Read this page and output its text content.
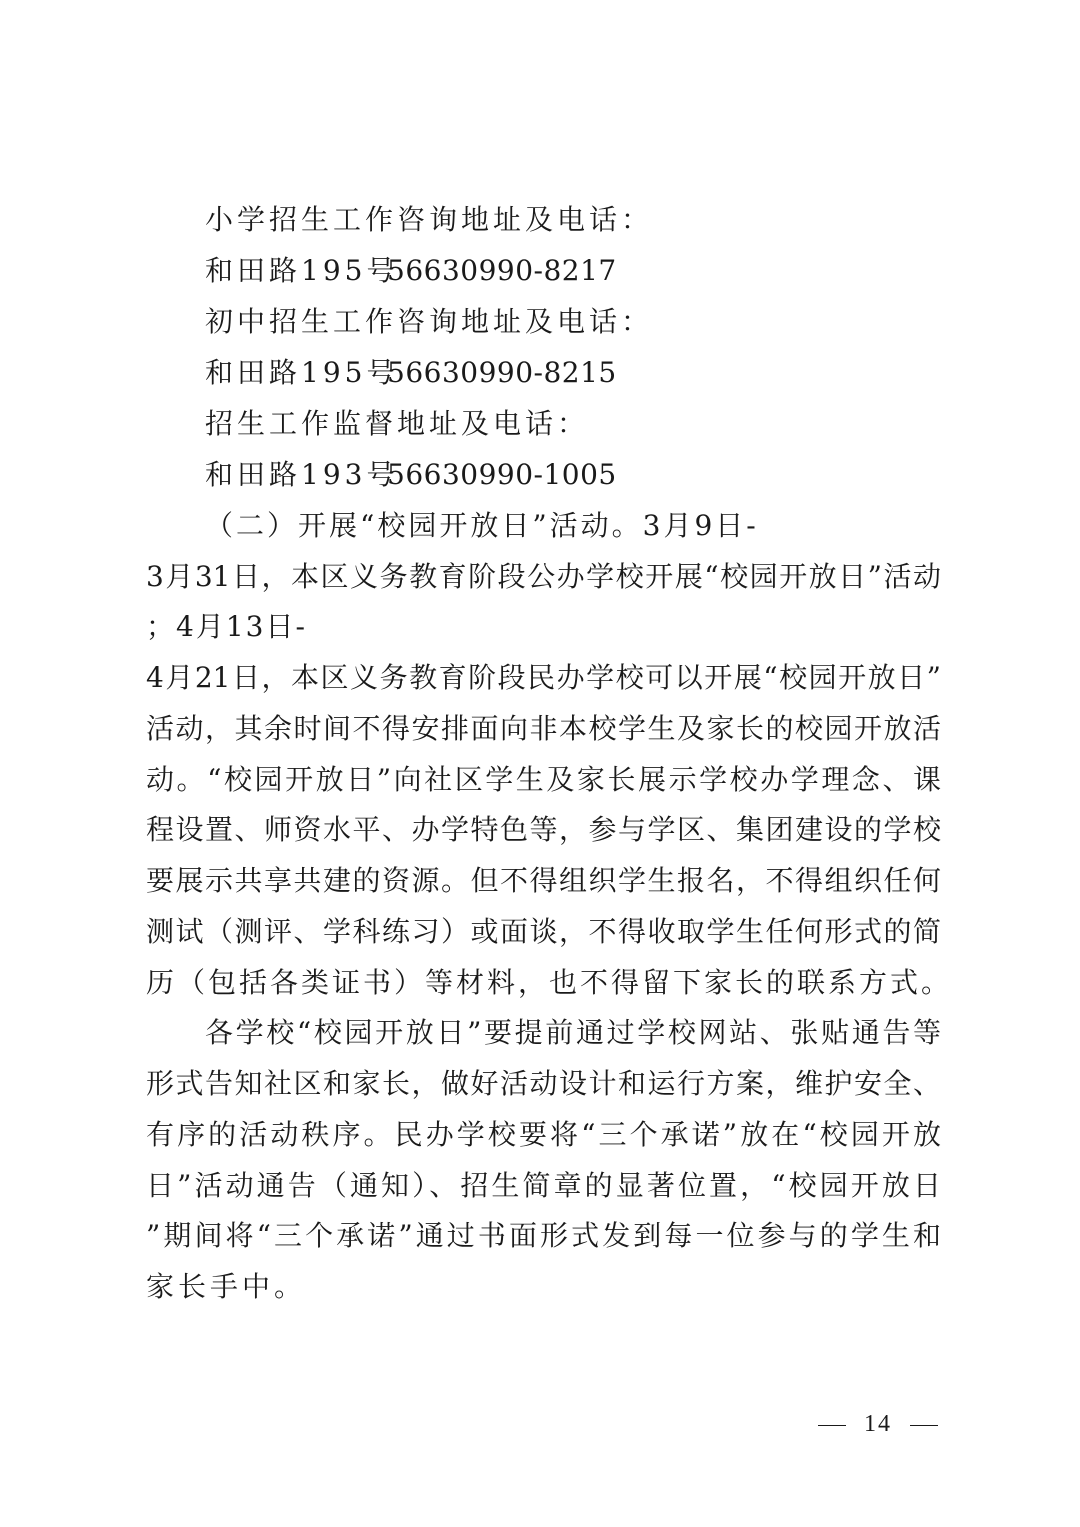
小学招生工作咨询地址及电话：
和田路195号56630990-8217
初中招生工作咨询地址及电话：
和田路195号56630990-8215
招生工作监督地址及电话：
和田路193号56630990-1005
（二）开展“校园开放日”活动。3月9日-
3月31日，本区义务教育阶段公办学校开展“校园开放日”活动
；4月13日-
4月21日，本区义务教育阶段民办学校可以开展“校园开放日”
活动，其余时间不得安排面向非本校学生及家长的校园开放活
动。“校园开放日”向社区学生及家长展示学校办学理念、课
程设置、师资水平、办学特色等，参与学区、集团建设的学校
要展示共享共建的资源。但不得组织学生报名，不得组织任何
测试（测评、学科练习）或面谈，不得收取学生任何形式的简
历（包括各类证书）等材料，也不得留下家长的联系方式。
各学校“校园开放日”要提前通过学校网站、张贴通告等
形式告知社区和家长，做好活动设计和运行方案，维护安全、
有序的活动秩序。民办学校要将“三个承诺”放在“校园开放
日”活动通告（通知）、招生简章的显著位置，“校园开放日
”期间将“三个承诺”通过书面形式发到每一位参与的学生和
家长手中。
14
